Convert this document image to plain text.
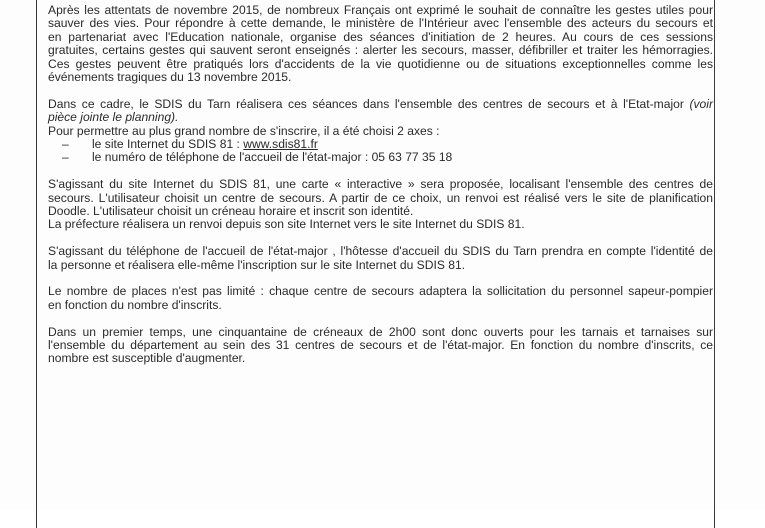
Après les attentats de novembre 2015, de nombreux Français ont exprimé le souhait de connaître les gestes utiles pour
sauver des vies. Pour répondre à cette demande, le ministère de l'Intérieur avec l'ensemble des acteurs du secours et
en partenariat avec l'Education nationale, organise des séances d'initiation de 2 heures. Au cours de ces sessions
gratuites, certains gestes qui sauvent seront enseignés : alerter les secours, masser, défibriller et traiter les hémorragies.
Ces gestes peuvent être pratiqués lors d'accidents de la vie quotidienne ou de situations exceptionnelles comme les
événements tragiques du 13 novembre 2015.
Dans ce cadre, le SDIS du Tarn réalisera ces séances dans l'ensemble des centres de secours et à l'Etat-major (voir
pièce jointe le planning).
Pour permettre au plus grand nombre de s'inscrire, il a été choisi 2 axes :
– le site Internet du SDIS 81 : www.sdis81.fr
– le numéro de téléphone de l'accueil de l'état-major : 05 63 77 35 18
S'agissant du site Internet du SDIS 81, une carte « interactive » sera proposée, localisant l'ensemble des centres de
secours. L'utilisateur choisit un centre de secours. A partir de ce choix, un renvoi est réalisé vers le site de planification
Doodle. L'utilisateur choisit un créneau horaire et inscrit son identité.
La préfecture réalisera un renvoi depuis son site Internet vers le site Internet du SDIS 81.
S'agissant du téléphone de l'accueil de l'état-major , l'hôtesse d'accueil du SDIS du Tarn prendra en compte l'identité de
la personne et réalisera elle-même l'inscription sur le site Internet du SDIS 81.
Le nombre de places n'est pas limité : chaque centre de secours adaptera la sollicitation du personnel sapeur-pompier
en fonction du nombre d'inscrits.
Dans un premier temps, une cinquantaine de créneaux de 2h00 sont donc ouverts pour les tarnais et tarnaises sur
l'ensemble du département au sein des 31 centres de secours et de l'état-major. En fonction du nombre d'inscrits, ce
nombre est susceptible d'augmenter.
